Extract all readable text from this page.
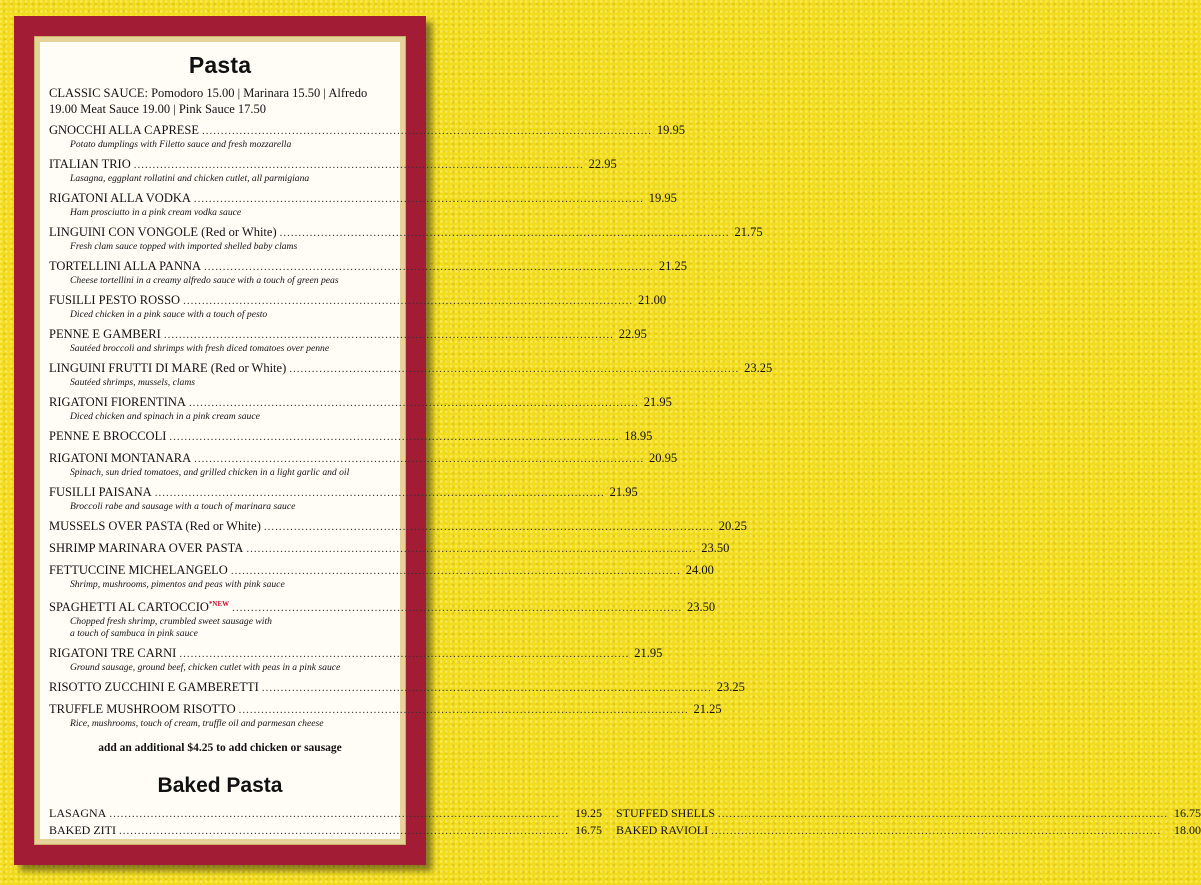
Pasta
CLASSIC SAUCE: Pomodoro 15.00 | Marinara 15.50 | Alfredo 19.00 Meat Sauce 19.00 | Pink Sauce 17.50
GNOCCHI ALLA CAPRESE .....	19.95
Potato dumplings with Filetto sauce and fresh mozzarella
ITALIAN TRIO .....	22.95
Lasagna, eggplant rollatini and chicken cutlet, all parmigiana
RIGATONI ALLA VODKA .....	19.95
Ham prosciutto in a pink cream vodka sauce
LINGUINI CON VONGOLE (Red or White) .....	21.75
Fresh clam sauce topped with imported shelled baby clams
TORTELLINI ALLA PANNA .....	21.25
Cheese tortellini in a creamy alfredo sauce with a touch of green peas
FUSILLI PESTO ROSSO .....	21.00
Diced chicken in a pink sauce with a touch of pesto
PENNE E GAMBERI .....	22.95
Sautéed broccoli and shrimps with fresh diced tomatoes over penne
LINGUINI FRUTTI DI MARE (Red or White) .....	23.25
Sautéed shrimps, mussels, clams
RIGATONI FIORENTINA .....	21.95
Diced chicken and spinach in a pink cream sauce
PENNE E BROCCOLI .....	18.95
RIGATONI MONTANARA .....	20.95
Spinach, sun dried tomatoes, and grilled chicken in a light garlic and oil
FUSILLI PAISANA .....	21.95
Broccoli rabe and sausage with a touch of marinara sauce
MUSSELS OVER PASTA (Red or White) .....	20.25
SHRIMP MARINARA OVER PASTA .....	23.50
FETTUCCINE MICHELANGELO .....	24.00
Shrimp, mushrooms, pimentos and peas with pink sauce
SPAGHETTI AL $CARTOCCIO^{*NEW}$ .....	23.50
Chopped fresh shrimp, crumbled sweet sausage with
a touch of sambuca in pink sauce
RIGATONI TRE CARNI .....	21.95
Ground sausage, ground beef, chicken cutlet with peas in a pink sauce
RISOTTO ZUCCHINI E GAMBERETTI .....	23.25
TRUFFLE MUSHROOM RISOTTO .....	21.25
Rice, mushrooms, touch of cream, truffle oil and parmesan cheese
add an additional $4.25 to add chicken or sausage
Baked Pasta
LASAGNA .....	19.25 STUFFED SHELLS .....	16.75
BAKED ZITI .....	16.75 BAKED RAVIOLI .....	18.00
